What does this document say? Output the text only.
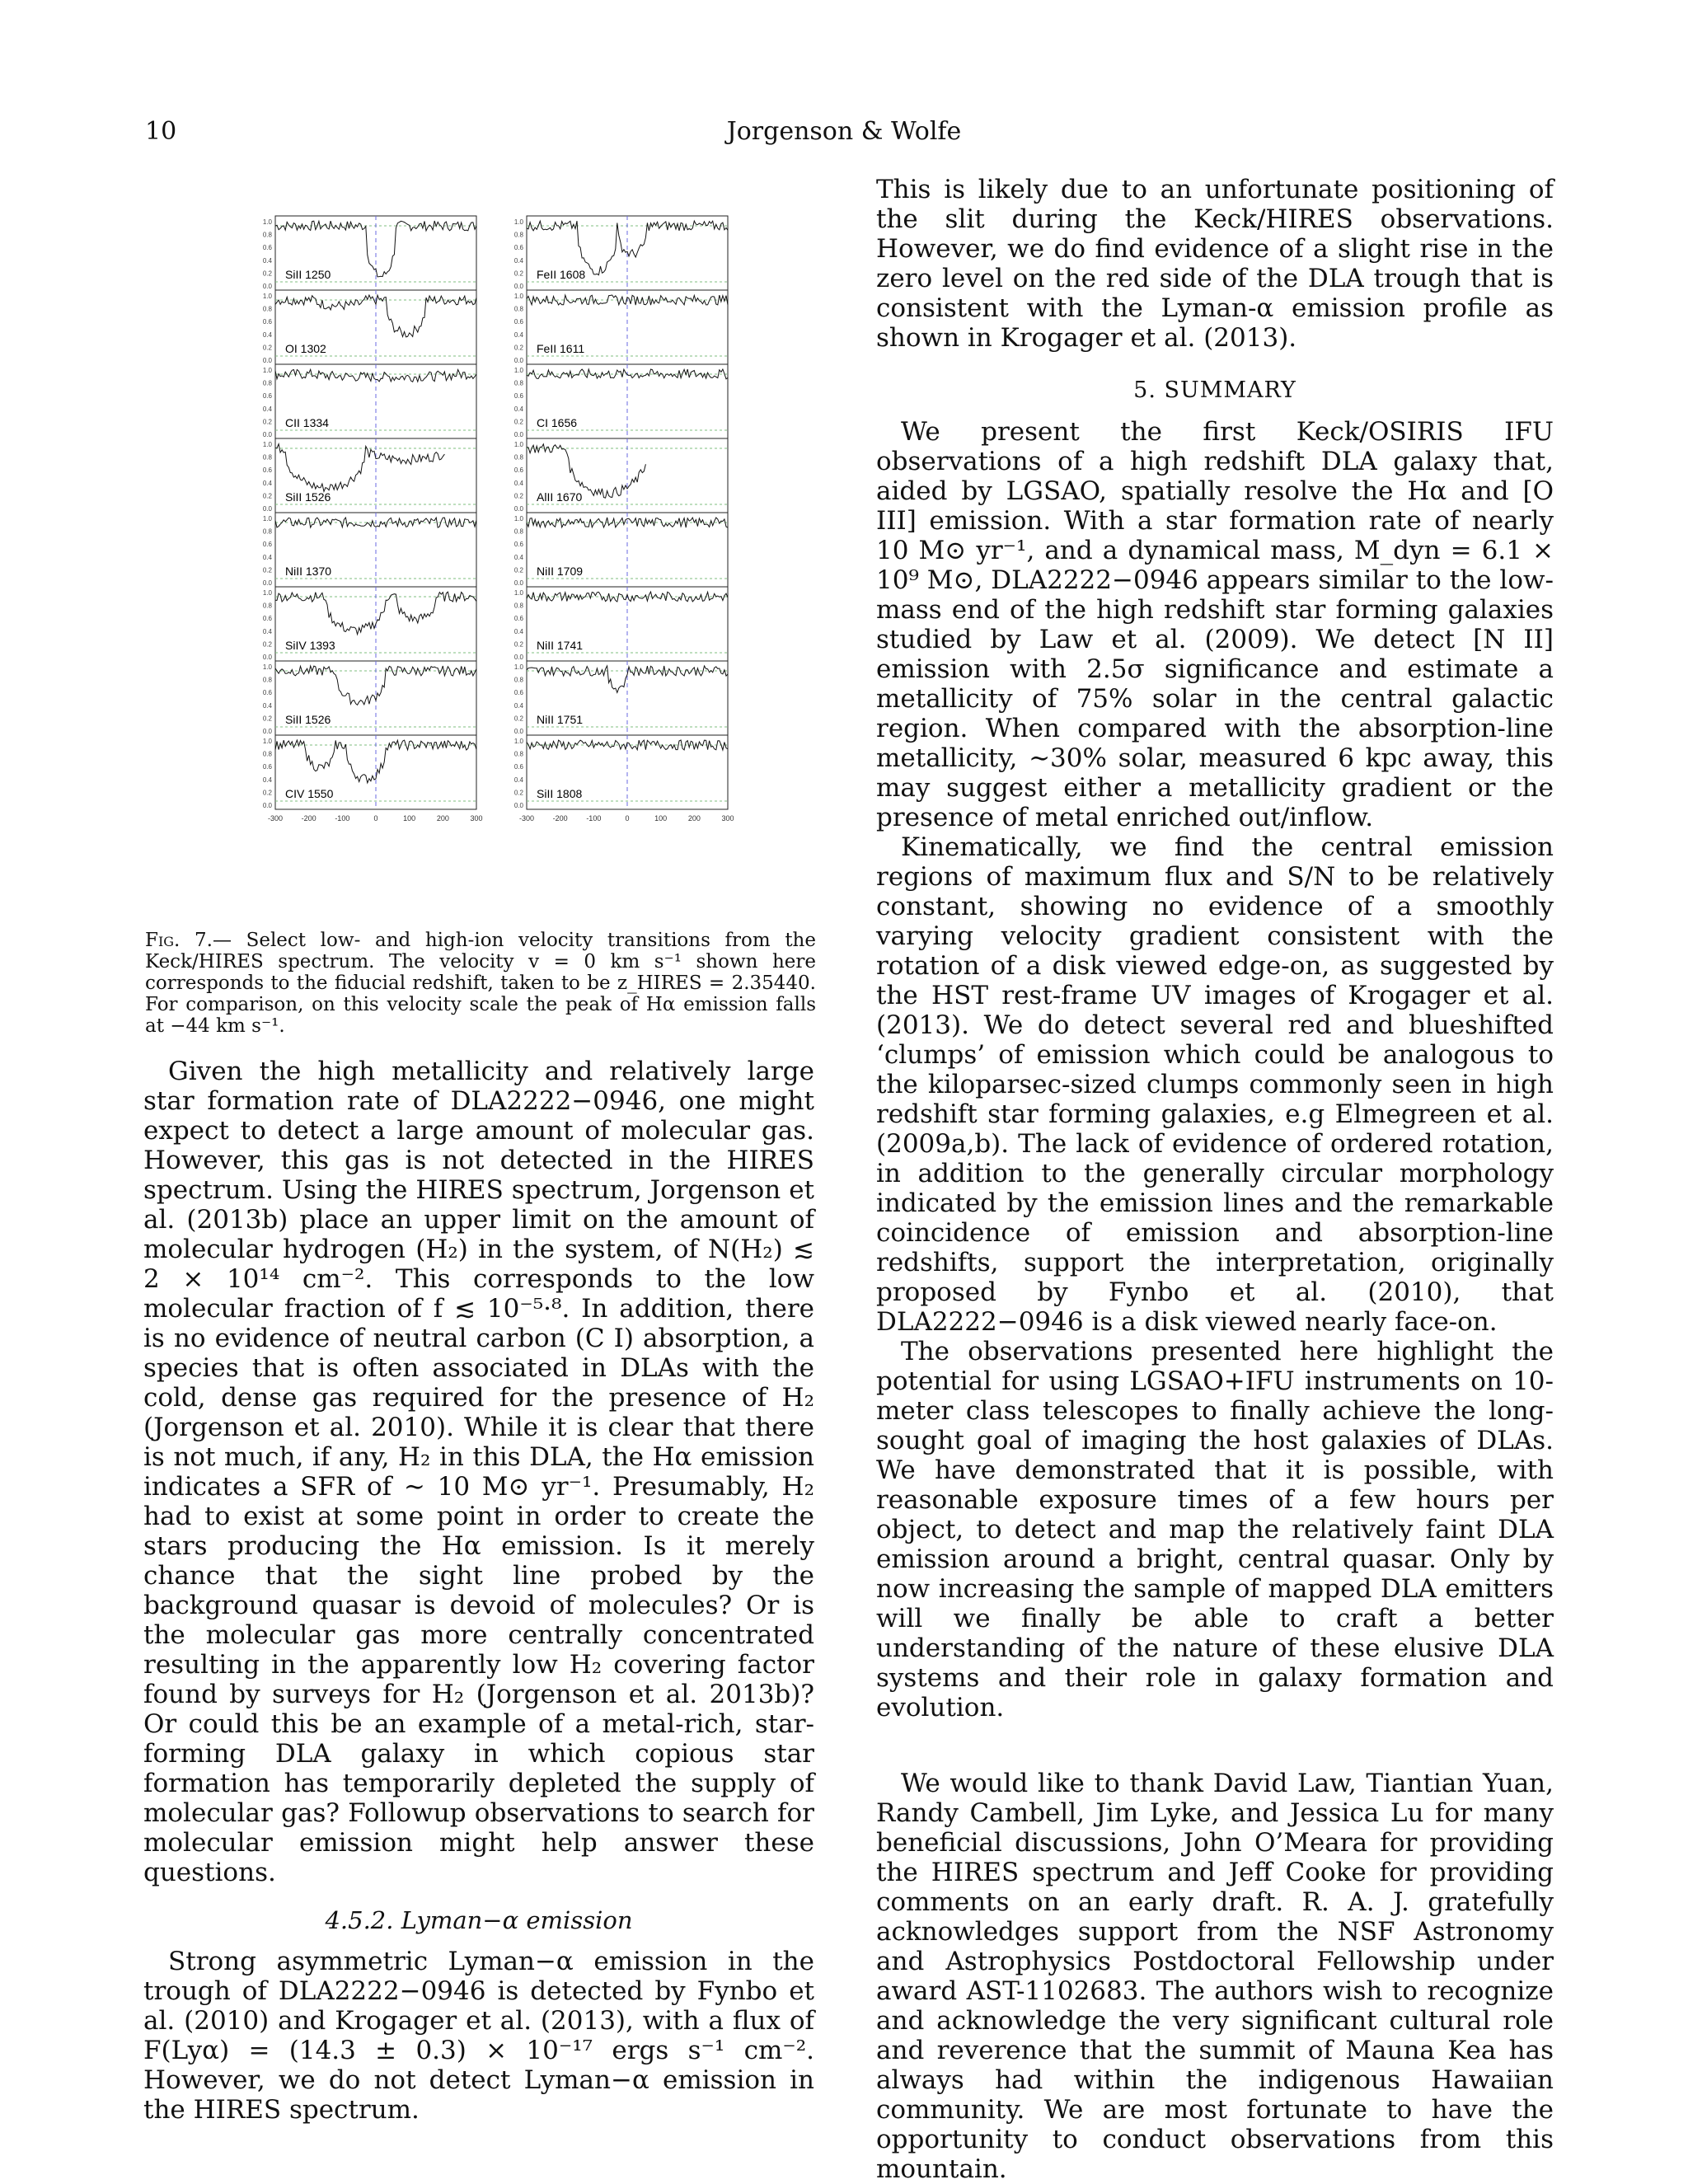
10	Jorgenson & Wolfe
1.0
0.8
0.6
0.4
0.2
0.0
SiII 1250
1.0
0.8
0.6
0.4
0.2
0.0
OI 1302
1.0
0.8
0.6
0.4
0.2
0.0
CII 1334
1.0
0.8
0.6
0.4
0.2
0.0
SiII 1526
1.0
0.8
0.6
0.4
0.2
0.0
NiII 1370
1.0
0.8
0.6
0.4
0.2
0.0
SiIV 1393
1.0
0.8
0.6
0.4
0.2
0.0
SiII 1526
1.0
0.8
0.6
0.4
0.2
0.0
CIV 1550
-300	-200	-100	0	100	200	300
1.0
0.8
0.6
0.4
0.2
0.0
FeII 1608
1.0
0.8
0.6
0.4
0.2
0.0
FeII 1611
1.0
0.8
0.6
0.4
0.2
0.0
CI 1656
1.0
0.8
0.6
0.4
0.2
0.0
AlII 1670
1.0
0.8
0.6
0.4
0.2
0.0
NiII 1709
1.0
0.8
0.6
0.4
0.2
0.0
NiII 1741
1.0
0.8
0.6
0.4
0.2
0.0
NiII 1751
1.0
0.8
0.6
0.4
0.2
0.0
SiII 1808
-300	-200	-100	0	100	200	300
Fig. 7.— Select low- and high-ion velocity transitions from the Keck/HIRES spectrum. The velocity v = 0 km s⁻¹ shown here corresponds to the fiducial redshift, taken to be z_HIRES = 2.35440. For comparison, on this velocity scale the peak of Hα emission falls at −44 km s⁻¹.

Given the high metallicity and relatively large star formation rate of DLA2222−0946, one might expect to detect a large amount of molecular gas. However, this gas is not detected in the HIRES spectrum. Using the HIRES spectrum, Jorgenson et al. (2013b) place an upper limit on the amount of molecular hydrogen (H₂) in the system, of N(H₂) ≲ 2 × 10¹⁴ cm⁻². This corresponds to the low molecular fraction of f ≲ 10⁻⁵·⁸. In addition, there is no evidence of neutral carbon (C I) absorption, a species that is often associated in DLAs with the cold, dense gas required for the presence of H₂ (Jorgenson et al. 2010). While it is clear that there is not much, if any, H₂ in this DLA, the Hα emission indicates a SFR of ∼ 10 M⊙ yr⁻¹. Presumably, H₂ had to exist at some point in order to create the stars producing the Hα emission. Is it merely chance that the sight line probed by the background quasar is devoid of molecules? Or is the molecular gas more centrally concentrated resulting in the apparently low H₂ covering factor found by surveys for H₂ (Jorgenson et al. 2013b)? Or could this be an example of a metal-rich, star-forming DLA galaxy in which copious star formation has temporarily depleted the supply of molecular gas? Followup observations to search for molecular emission might help answer these questions.

4.5.2. Lyman−α emission

Strong asymmetric Lyman−α emission in the trough of DLA2222−0946 is detected by Fynbo et al. (2010) and Krogager et al. (2013), with a flux of F(Lyα) = (14.3 ± 0.3) × 10⁻¹⁷ ergs s⁻¹ cm⁻². However, we do not detect Lyman−α emission in the HIRES spectrum.

This is likely due to an unfortunate positioning of the slit during the Keck/HIRES observations. However, we do find evidence of a slight rise in the zero level on the red side of the DLA trough that is consistent with the Lyman-α emission profile as shown in Krogager et al. (2013).

5. SUMMARY

We present the first Keck/OSIRIS IFU observations of a high redshift DLA galaxy that, aided by LGSAO, spatially resolve the Hα and [O III] emission. With a star formation rate of nearly 10 M⊙ yr⁻¹, and a dynamical mass, M_dyn = 6.1 × 10⁹ M⊙, DLA2222−0946 appears similar to the low-mass end of the high redshift star forming galaxies studied by Law et al. (2009). We detect [N II] emission with 2.5σ significance and estimate a metallicity of 75% solar in the central galactic region. When compared with the absorption-line metallicity, ∼30% solar, measured 6 kpc away, this may suggest either a metallicity gradient or the presence of metal enriched out/inflow.

Kinematically, we find the central emission regions of maximum flux and S/N to be relatively constant, showing no evidence of a smoothly varying velocity gradient consistent with the rotation of a disk viewed edge-on, as suggested by the HST rest-frame UV images of Krogager et al. (2013). We do detect several red and blueshifted ‘clumps’ of emission which could be analogous to the kiloparsec-sized clumps commonly seen in high redshift star forming galaxies, e.g Elmegreen et al. (2009a,b). The lack of evidence of ordered rotation, in addition to the generally circular morphology indicated by the emission lines and the remarkable coincidence of emission and absorption-line redshifts, support the interpretation, originally proposed by Fynbo et al. (2010), that DLA2222−0946 is a disk viewed nearly face-on.

The observations presented here highlight the potential for using LGSAO+IFU instruments on 10-meter class telescopes to finally achieve the long-sought goal of imaging the host galaxies of DLAs. We have demonstrated that it is possible, with reasonable exposure times of a few hours per object, to detect and map the relatively faint DLA emission around a bright, central quasar. Only by now increasing the sample of mapped DLA emitters will we finally be able to craft a better understanding of the nature of these elusive DLA systems and their role in galaxy formation and evolution.

We would like to thank David Law, Tiantian Yuan, Randy Cambell, Jim Lyke, and Jessica Lu for many beneficial discussions, John O’Meara for providing the HIRES spectrum and Jeff Cooke for providing comments on an early draft. R. A. J. gratefully acknowledges support from the NSF Astronomy and Astrophysics Postdoctoral Fellowship under award AST-1102683. The authors wish to recognize and acknowledge the very significant cultural role and reverence that the summit of Mauna Kea has always had within the indigenous Hawaiian community. We are most fortunate to have the opportunity to conduct observations from this mountain.
